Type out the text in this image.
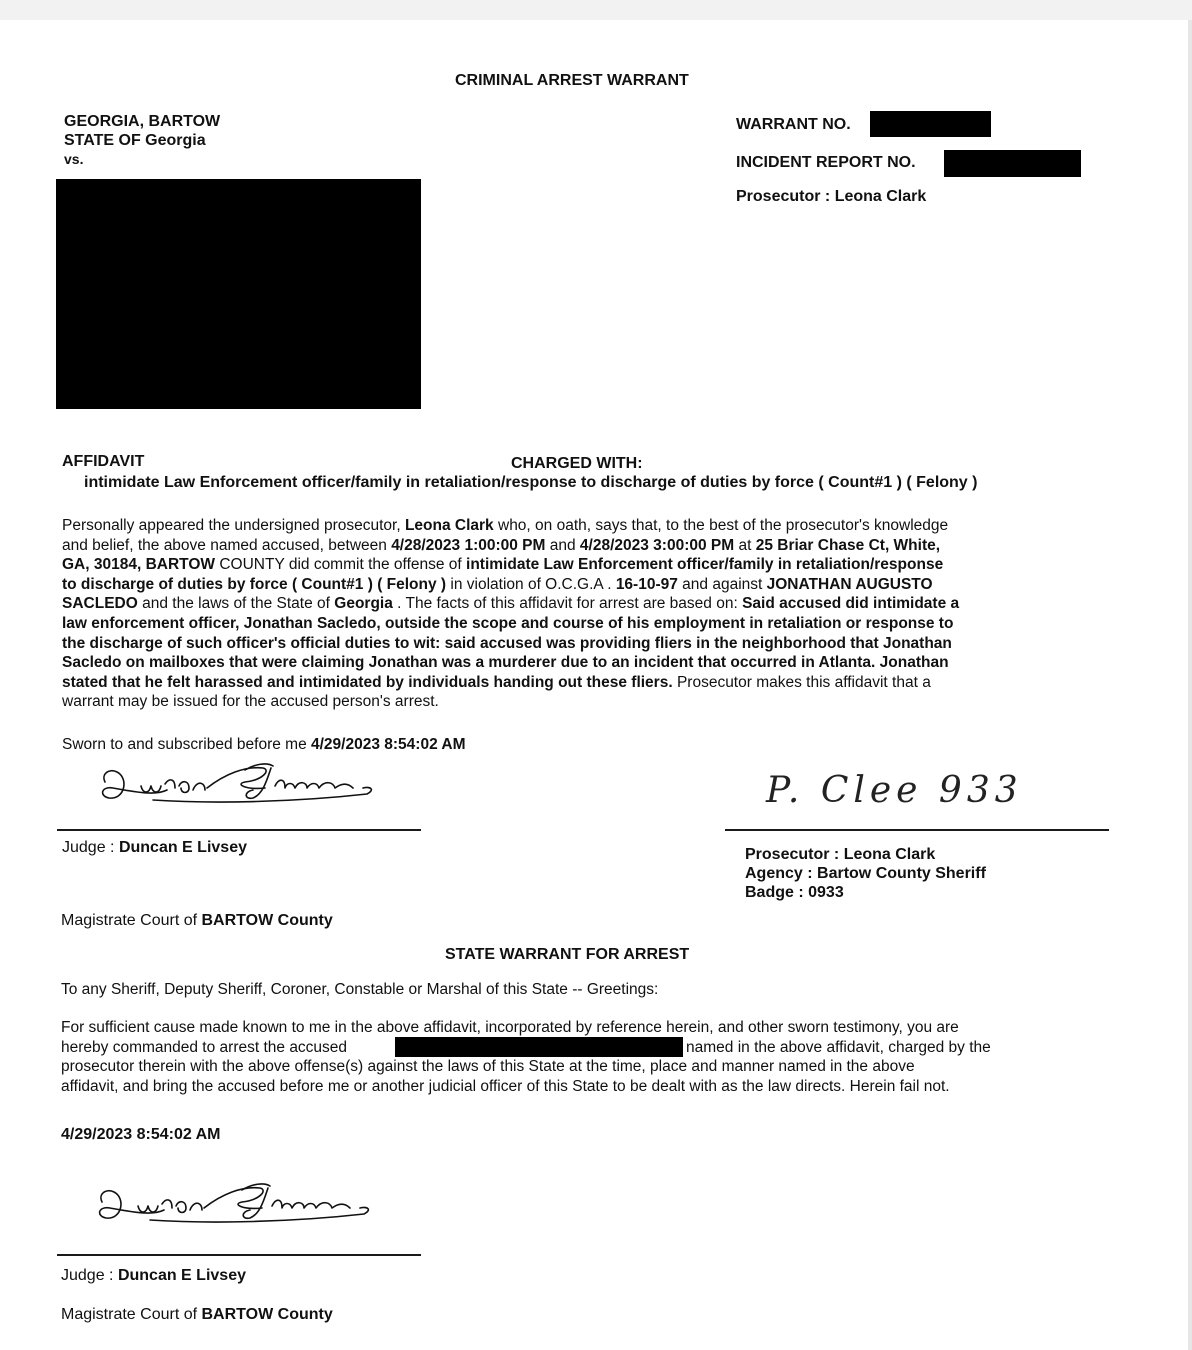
CRIMINAL ARREST WARRANT
GEORGIA, BARTOW
STATE OF Georgia
vs.
WARRANT NO.
INCIDENT REPORT NO.
Prosecutor : Leona Clark
AFFIDAVIT	CHARGED WITH:
intimidate Law Enforcement officer/family in retaliation/response to discharge of duties by force ( Count#1 ) ( Felony )
Personally appeared the undersigned prosecutor, Leona Clark who, on oath, says that, to the best of the prosecutor's knowledge
and belief, the above named accused, between 4/28/2023 1:00:00 PM and 4/28/2023 3:00:00 PM at 25 Briar Chase Ct, White,
GA, 30184, BARTOW COUNTY did commit the offense of intimidate Law Enforcement officer/family in retaliation/response
to discharge of duties by force ( Count#1 ) ( Felony ) in violation of O.C.G.A . 16-10-97 and against JONATHAN AUGUSTO
SACLEDO and the laws of the State of Georgia . The facts of this affidavit for arrest are based on: Said accused did intimidate a
law enforcement officer, Jonathan Sacledo, outside the scope and course of his employment in retaliation or response to
the discharge of such officer's official duties to wit: said accused was providing fliers in the neighborhood that Jonathan
Sacledo on mailboxes that were claiming Jonathan was a murderer due to an incident that occurred in Atlanta. Jonathan
stated that he felt harassed and intimidated by individuals handing out these fliers. Prosecutor makes this affidavit that a
warrant may be issued for the accused person's arrest.
Sworn to and subscribed before me 4/29/2023 8:54:02 AM
P. Clee 933
Judge : Duncan E Livsey	Prosecutor : Leona Clark
Agency : Bartow County Sheriff
Badge : 0933
Magistrate Court of BARTOW County
STATE WARRANT FOR ARREST
To any Sheriff, Deputy Sheriff, Coroner, Constable or Marshal of this State -- Greetings:
For sufficient cause made known to me in the above affidavit, incorporated by reference herein, and other sworn testimony, you are
hereby commanded to arrest the accused	named in the above affidavit, charged by the
prosecutor therein with the above offense(s) against the laws of this State at the time, place and manner named in the above
affidavit, and bring the accused before me or another judicial officer of this State to be dealt with as the law directs. Herein fail not.
4/29/2023 8:54:02 AM
Judge : Duncan E Livsey
Magistrate Court of BARTOW County
